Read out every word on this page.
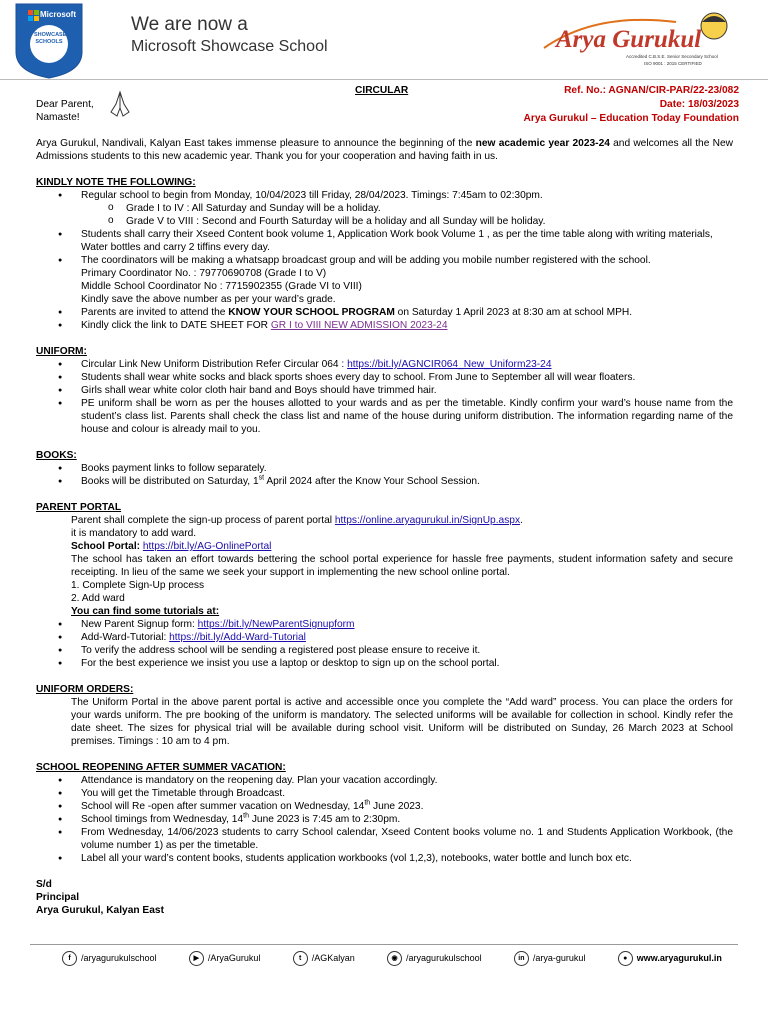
Microsoft
SHOWCASE SCHOOLS
We are now a
Microsoft Showcase School	Arya Gurukul
Accredited C.B.S.E. Senior Secondary School
ISO 9001 : 2015 CERTIFIED
CIRCULAR	Ref. No.: AGNAN/CIR-PAR/22-23/082
Date: 18/03/2023
Arya Gurukul – Education Today Foundation
Dear Parent,
Namaste!
Arya Gurukul, Nandivali, Kalyan East takes immense pleasure to announce the beginning of the new academic year 2023-24 and welcomes all the New Admissions students to this new academic year. Thank you for your cooperation and having faith in us.
KINDLY NOTE THE FOLLOWING:
● Regular school to begin from Monday, 10/04/2023 till Friday, 28/04/2023. Timings: 7:45am to 02:30pm.
o Grade I to IV : All Saturday and Sunday will be a holiday.
o Grade V to VIII : Second and Fourth Saturday will be a holiday and all Sunday will be holiday.
● Students shall carry their Xseed Content book volume 1, Application Work book Volume 1 , as per the time table along with writing materials, Water bottles and carry 2 tiffins every day.
● The coordinators will be making a whatsapp broadcast group and will be adding you mobile number registered with the school.
Primary Coordinator No. : 79770690708 (Grade I to V)
Middle School Coordinator No : 7715902355 (Grade VI to VIII)
Kindly save the above number as per your ward’s grade.
● Parents are invited to attend the KNOW YOUR SCHOOL PROGRAM on Saturday 1 April 2023 at 8:30 am at school MPH.
● Kindly click the link to DATE SHEET FOR GR I to VIII NEW ADMISSION 2023-24
UNIFORM:
● Circular Link New Uniform Distribution Refer Circular 064 : https://bit.ly/AGNCIR064_New_Uniform23-24
● Students shall wear white socks and black sports shoes every day to school. From June to September all will wear floaters.
● Girls shall wear white color cloth hair band and Boys should have trimmed hair.
● PE uniform shall be worn as per the houses allotted to your wards and as per the timetable. Kindly confirm your ward’s house name from the student’s class list. Parents shall check the class list and name of the house during uniform distribution. The information regarding name of the house and colour is already mail to you.
BOOKS:
● Books payment links to follow separately.
● Books will be distributed on Saturday, 1st April 2024 after the Know Your School Session.
PARENT PORTAL
Parent shall complete the sign-up process of parent portal https://online.aryagurukul.in/SignUp.aspx.
it is mandatory to add ward.
School Portal: https://bit.ly/AG-OnlinePortal
The school has taken an effort towards bettering the school portal experience for hassle free payments, student information safety and secure receipting. In lieu of the same we seek your support in implementing the new school online portal.
1. Complete Sign-Up process
2. Add ward
You can find some tutorials at:
● New Parent Signup form: https://bit.ly/NewParentSignupform
● Add-Ward-Tutorial: https://bit.ly/Add-Ward-Tutorial
● To verify the address school will be sending a registered post please ensure to receive it.
● For the best experience we insist you use a laptop or desktop to sign up on the school portal.
UNIFORM ORDERS:
The Uniform Portal in the above parent portal is active and accessible once you complete the “Add ward” process. You can place the orders for your wards uniform. The pre booking of the uniform is mandatory. The selected uniforms will be available for collection in school. Kindly refer the date sheet. The sizes for physical trial will be available during school visit. Uniform will be distributed on Sunday, 26 March 2023 at School premises. Timings : 10 am to 4 pm.
SCHOOL REOPENING AFTER SUMMER VACATION:
● Attendance is mandatory on the reopening day. Plan your vacation accordingly.
● You will get the Timetable through Broadcast.
● School will Re -open after summer vacation on Wednesday, 14th June 2023.
● School timings from Wednesday, 14th June 2023 is 7:45 am to 2:30pm.
● From Wednesday, 14/06/2023 students to carry School calendar, Xseed Content books volume no. 1 and Students Application Workbook, (the volume number 1) as per the timetable.
● Label all your ward’s content books, students application workbooks (vol 1,2,3), notebooks, water bottle and lunch box etc.
S/d
Principal
Arya Gurukul, Kalyan East
f	/aryagurukulschool	▶ /AryaGurukul	t	/AGKalyan	◉ /aryagurukulschool	in /arya-gurukul	●	www.aryagurukul.in
